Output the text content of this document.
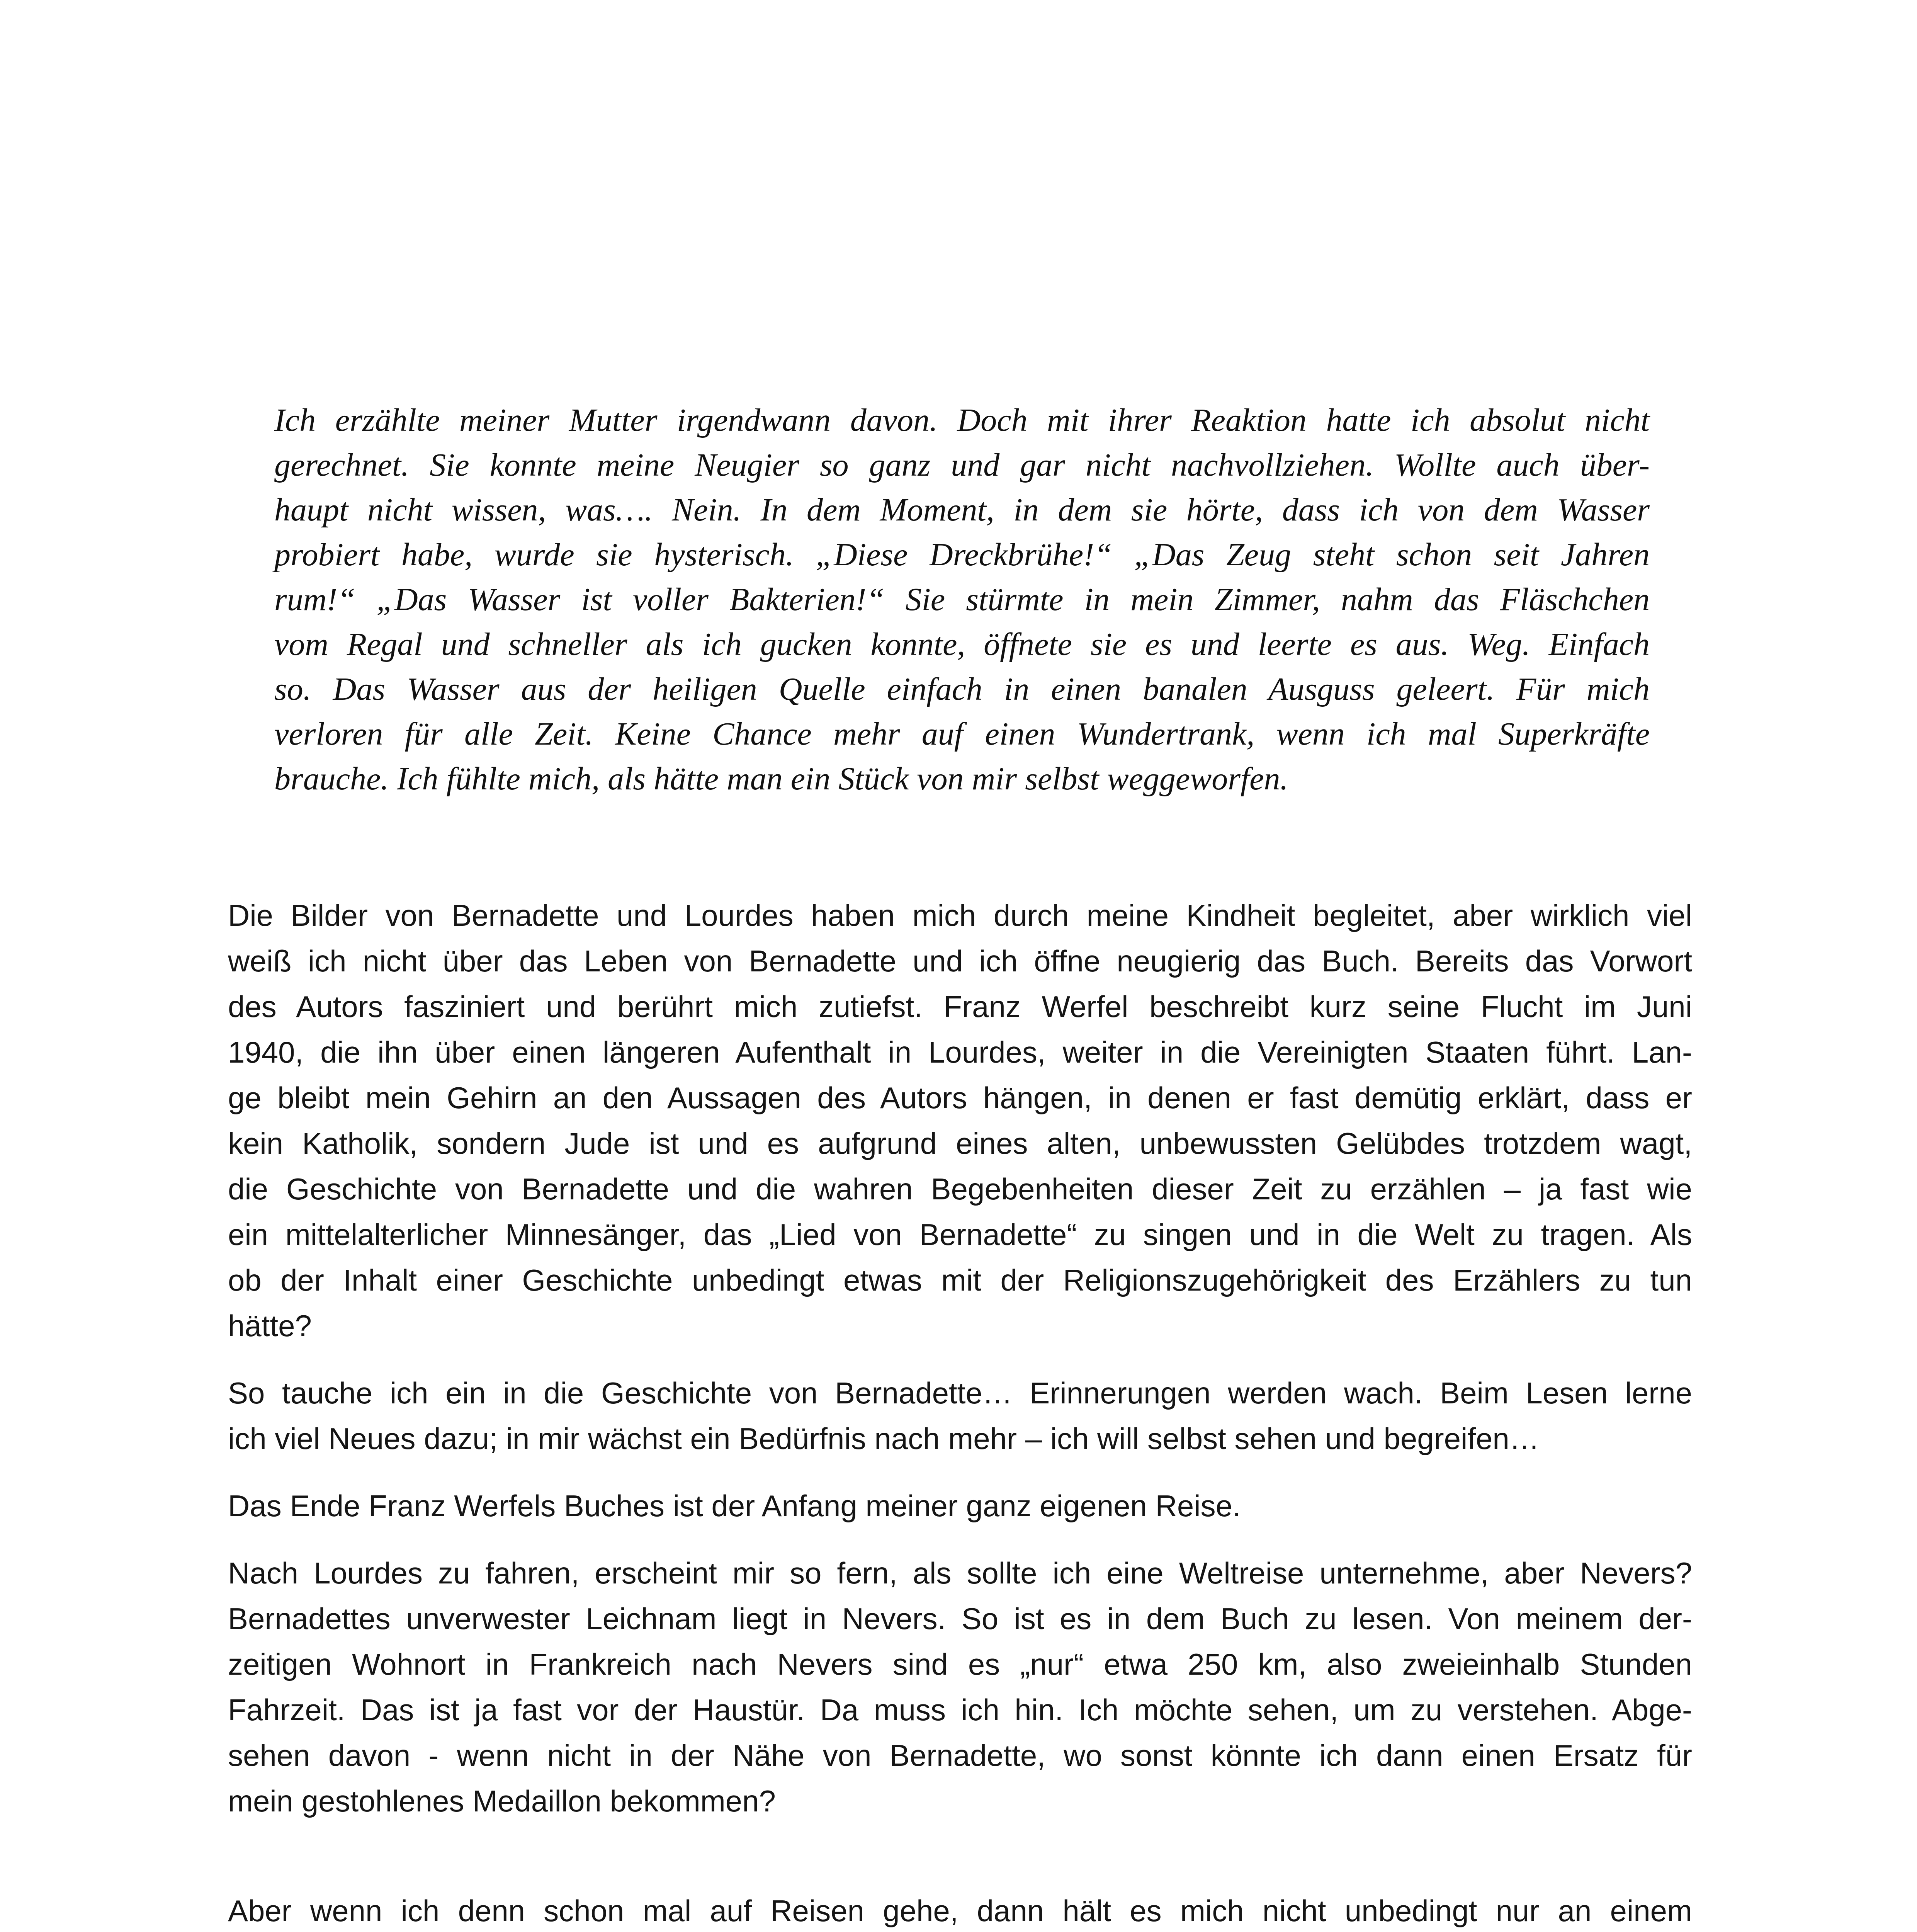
Ich erzählte meiner Mutter irgendwann davon. Doch mit ihrer Reaktion hatte ich absolut nicht
gerechnet. Sie konnte meine Neugier so ganz und gar nicht nachvollziehen. Wollte auch über-
haupt nicht wissen, was…. Nein. In dem Moment, in dem sie hörte, dass ich von dem Wasser
probiert habe, wurde sie hysterisch. „Diese Dreckbrühe!“ „Das Zeug steht schon seit Jahren
rum!“ „Das Wasser ist voller Bakterien!“ Sie stürmte in mein Zimmer, nahm das Fläschchen
vom Regal und schneller als ich gucken konnte, öffnete sie es und leerte es aus. Weg. Einfach
so. Das Wasser aus der heiligen Quelle einfach in einen banalen Ausguss geleert. Für mich
verloren für alle Zeit. Keine Chance mehr auf einen Wundertrank, wenn ich mal Superkräfte
brauche. Ich fühlte mich, als hätte man ein Stück von mir selbst weggeworfen.
Die Bilder von Bernadette und Lourdes haben mich durch meine Kindheit begleitet, aber wirklich viel
weiß ich nicht über das Leben von Bernadette und ich öffne neugierig das Buch. Bereits das Vorwort
des Autors fasziniert und berührt mich zutiefst. Franz Werfel beschreibt kurz seine Flucht im Juni
1940, die ihn über einen längeren Aufenthalt in Lourdes, weiter in die Vereinigten Staaten führt. Lan-
ge bleibt mein Gehirn an den Aussagen des Autors hängen, in denen er fast demütig erklärt, dass er
kein Katholik, sondern Jude ist und es aufgrund eines alten, unbewussten Gelübdes trotzdem wagt,
die Geschichte von Bernadette und die wahren Begebenheiten dieser Zeit zu erzählen – ja fast wie
ein mittelalterlicher Minnesänger, das „Lied von Bernadette“ zu singen und in die Welt zu tragen. Als
ob der Inhalt einer Geschichte unbedingt etwas mit der Religionszugehörigkeit des Erzählers zu tun
hätte?
So tauche ich ein in die Geschichte von Bernadette… Erinnerungen werden wach. Beim Lesen lerne
ich viel Neues dazu; in mir wächst ein Bedürfnis nach mehr – ich will selbst sehen und begreifen…
Das Ende Franz Werfels Buches ist der Anfang meiner ganz eigenen Reise.
Nach Lourdes zu fahren, erscheint mir so fern, als sollte ich eine Weltreise unternehme, aber Nevers?
Bernadettes unverwester Leichnam liegt in Nevers. So ist es in dem Buch zu lesen. Von meinem der-
zeitigen Wohnort in Frankreich nach Nevers sind es „nur“ etwa 250 km, also zweieinhalb Stunden
Fahrzeit. Das ist ja fast vor der Haustür. Da muss ich hin. Ich möchte sehen, um zu verstehen. Abge-
sehen davon - wenn nicht in der Nähe von Bernadette, wo sonst könnte ich dann einen Ersatz für
mein gestohlenes Medaillon bekommen?
Aber wenn ich denn schon mal auf Reisen gehe, dann hält es mich nicht unbedingt nur an einem
